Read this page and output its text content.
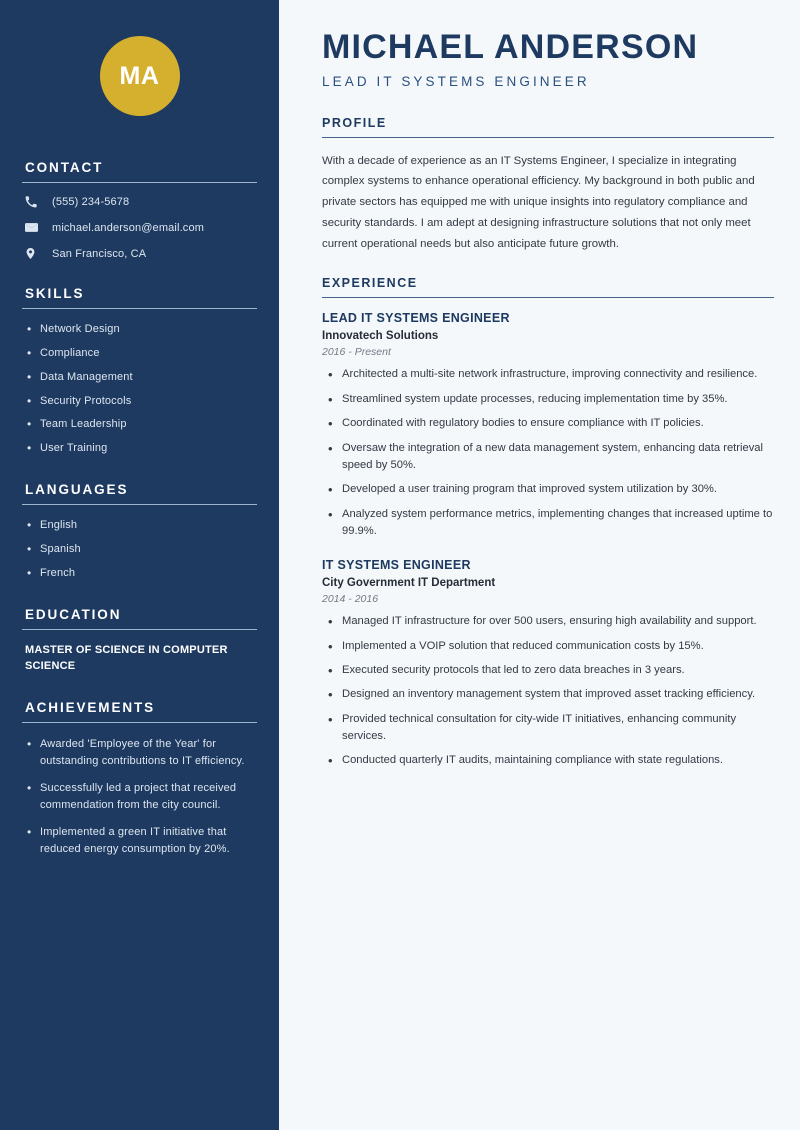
MA
CONTACT
(555) 234-5678
michael.anderson@email.com
San Francisco, CA
SKILLS
• Network Design
• Compliance
• Data Management
• Security Protocols
• Team Leadership
• User Training
LANGUAGES
• English
• Spanish
• French
EDUCATION
MASTER OF SCIENCE IN COMPUTER SCIENCE
ACHIEVEMENTS
• Awarded 'Employee of the Year' for outstanding contributions to IT efficiency.
• Successfully led a project that received commendation from the city council.
• Implemented a green IT initiative that reduced energy consumption by 20%.
MICHAEL ANDERSON
LEAD IT SYSTEMS ENGINEER
PROFILE

With a decade of experience as an IT Systems Engineer, I specialize in integrating complex systems to enhance operational efficiency. My background in both public and private sectors has equipped me with unique insights into regulatory compliance and security standards. I am adept at designing infrastructure solutions that not only meet current operational needs but also anticipate future growth.

EXPERIENCE
LEAD IT SYSTEMS ENGINEER
Innovatech Solutions
2016 - Present
• Architected a multi-site network infrastructure, improving connectivity and resilience.
• Streamlined system update processes, reducing implementation time by 35%.
• Coordinated with regulatory bodies to ensure compliance with IT policies.
• Oversaw the integration of a new data management system, enhancing data retrieval speed by 50%.
• Developed a user training program that improved system utilization by 30%.
• Analyzed system performance metrics, implementing changes that increased uptime to 99.9%.
IT SYSTEMS ENGINEER
City Government IT Department
2014 - 2016
• Managed IT infrastructure for over 500 users, ensuring high availability and support.
• Implemented a VOIP solution that reduced communication costs by 15%.
• Executed security protocols that led to zero data breaches in 3 years.
• Designed an inventory management system that improved asset tracking efficiency.
• Provided technical consultation for city-wide IT initiatives, enhancing community services.
• Conducted quarterly IT audits, maintaining compliance with state regulations.
